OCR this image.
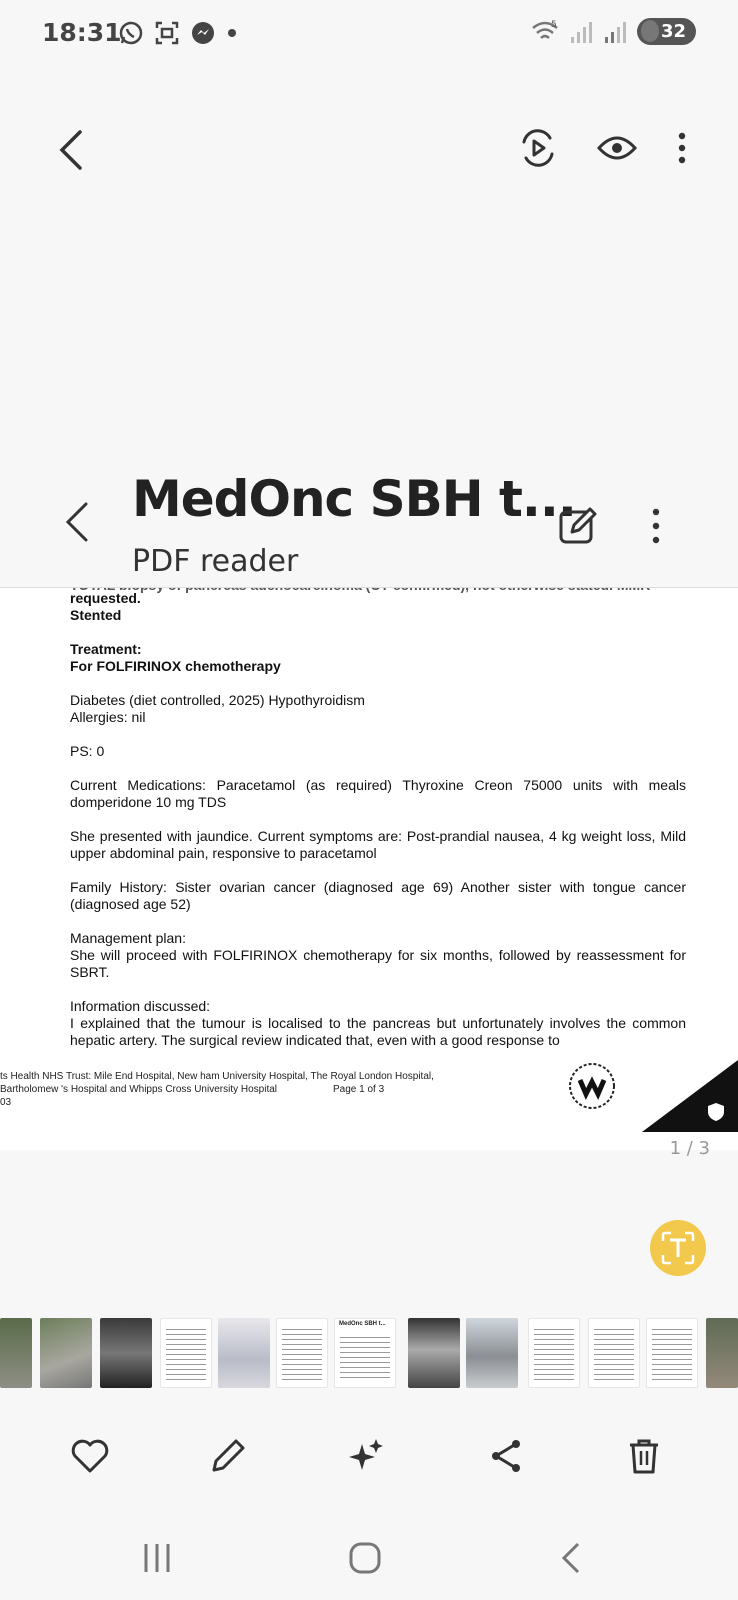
18:31	5	32
MedOnc SBH t...
PDF reader
requested.

Stented

Treatment:

For FOLFIRINOX chemotherapy

Diabetes (diet controlled, 2025) Hypothyroidism

Allergies: nil

PS: 0

Current Medications: Paracetamol (as required) Thyroxine Creon 75000 units with meals domperidone 10 mg TDS

She presented with jaundice. Current symptoms are: Post-prandial nausea, 4 kg weight loss, Mild upper abdominal pain, responsive to paracetamol

Family History: Sister ovarian cancer (diagnosed age 69) Another sister with tongue cancer (diagnosed age 52)

Management plan:

She will proceed with FOLFIRINOX chemotherapy for six months, followed by reassessment for SBRT.

Information discussed:
I explained that the tumour is localised to the pancreas but unfortunately involves the common hepatic artery. The surgical review indicated that, even with a good response to
ts Health NHS Trust: Mile End Hospital, New ham University Hospital, The Royal London Hospital,
Bartholomew 's Hospital and Whipps Cross University Hospital
03
Page 1 of 3
1 / 3
MedOnc SBH t...
